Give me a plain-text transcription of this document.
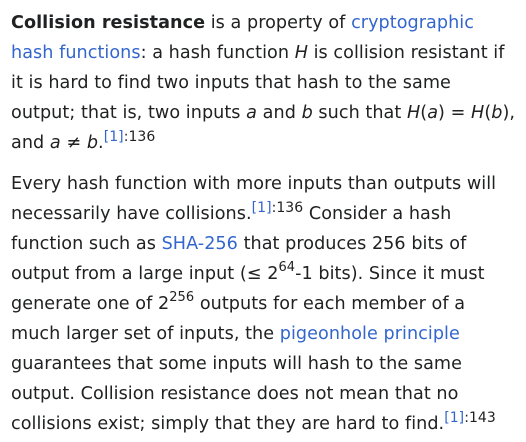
Collision resistance is a property of cryptographic hash functions: a hash function H is collision resistant if it is hard to find two inputs that hash to the same output; that is, two inputs a and b such that H(a) = H(b), and a ≠ b.$^{[1]:136}$

Every hash function with more inputs than outputs will necessarily have collisions.$^{[1]:136}$ Consider a hash function such as SHA-256 that produces 256 bits of output from a large input (≤ $2^{64}-1$ bits). Since it must generate one of $2^{256}$ outputs for each member of a much larger set of inputs, the pigeonhole principle guarantees that some inputs will hash to the same output. Collision resistance does not mean that no collisions exist; simply that they are hard to find.$^{[1]:143}$
